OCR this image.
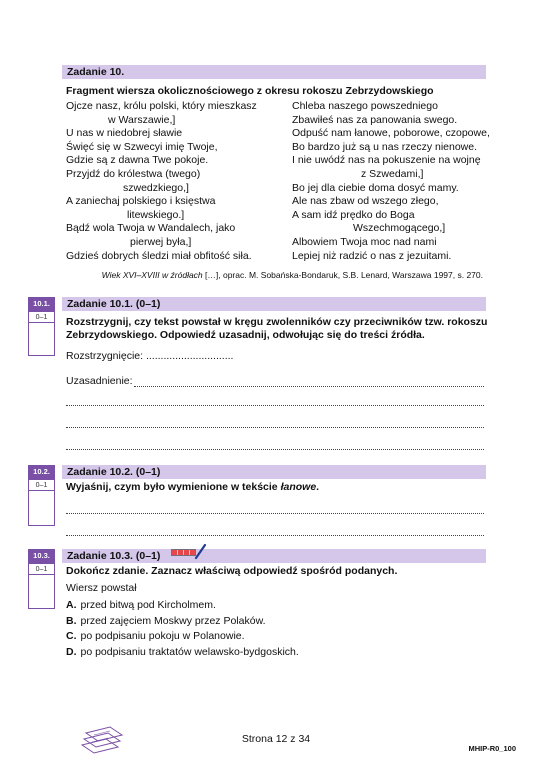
Zadanie 10.
Fragment wiersza okolicznościowego z okresu rokoszu Zebrzydowskiego
Ojcze nasz, królu polski, który mieszkasz
w Warszawie,]
U nas w niedobrej sławie
Święć się w Szwecyi imię Twoje,
Gdzie są z dawna Twe pokoje.
Przyjdź do królestwa (twego)
szwedzkiego,]
A zaniechaj polskiego i księstwa
litewskiego.]
Bądź wola Twoja w Wandalech, jako
pierwej była,]
Gdzieś dobrych śledzi miał obfitość siła.
Chleba naszego powszedniego
Zbawiłeś nas za panowania swego.
Odpuść nam łanowe, poborowe, czopowe,
Bo bardzo już są u nas rzeczy nienowe.
I nie uwódź nas na pokuszenie na wojnę
z Szwedami,]
Bo jej dla ciebie doma dosyć mamy.
Ale nas zbaw od wszego złego,
A sam idź prędko do Boga
Wszechmogącego,]
Albowiem Twoja moc nad nami
Lepiej niż radzić o nas z jezuitami.
Wiek XVI–XVIII w źródłach […], oprac. M. Sobańska-Bondaruk, S.B. Lenard, Warszawa 1997, s. 270.
10.1.
0–1
Zadanie 10.1. (0–1)
Rozstrzygnij, czy tekst powstał w kręgu zwolenników czy przeciwników tzw. rokoszu
Zebrzydowskiego. Odpowiedź uzasadnij, odwołując się do treści źródła.
Rozstrzygnięcie: ..............................
Uzasadnienie:
10.2.
0–1
Zadanie 10.2. (0–1)
Wyjaśnij, czym było wymienione w tekście łanowe.
10.3.
0–1
Zadanie 10.3. (0–1)
Dokończ zdanie. Zaznacz właściwą odpowiedź spośród podanych.
Wiersz powstał
A. przed bitwą pod Kircholmem.
B. przed zajęciem Moskwy przez Polaków.
C. po podpisaniu pokoju w Polanowie.
D. po podpisaniu traktatów welawsko-bydgoskich.
Strona 12 z 34
MHIP-R0_100
